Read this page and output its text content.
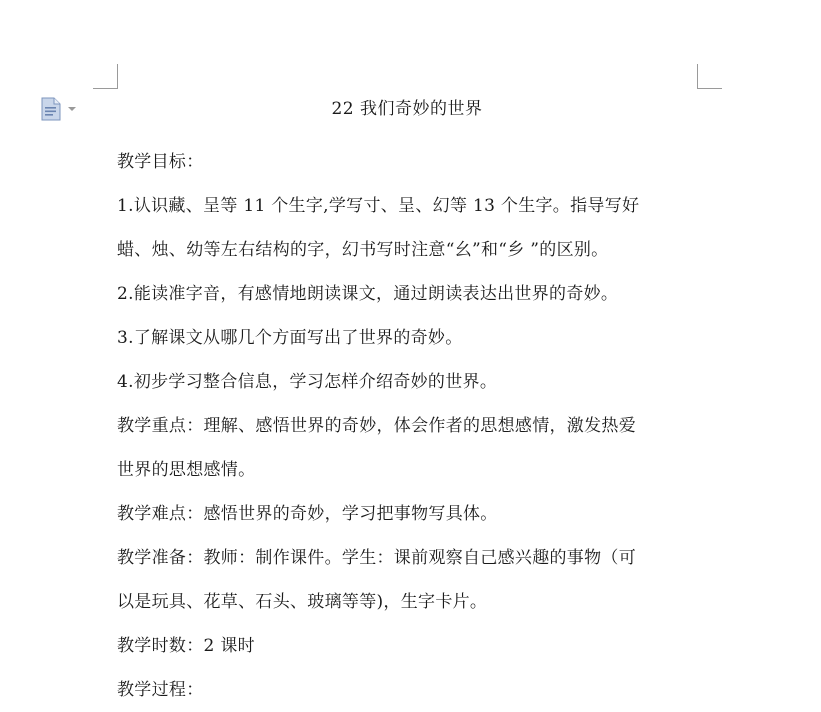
22 我们奇妙的世界
教学目标：
1.认识藏、呈等 11 个生字,学写寸、呈、幻等 13 个生字。指导写好
蜡、烛、幼等左右结构的字，幻书写时注意“幺”和“乡 ”的区别。
2.能读准字音，有感情地朗读课文，通过朗读表达出世界的奇妙。
3.了解课文从哪几个方面写出了世界的奇妙。
4.初步学习整合信息，学习怎样介绍奇妙的世界。
教学重点：理解、感悟世界的奇妙，体会作者的思想感情，激发热爱
世界的思想感情。
教学难点：感悟世界的奇妙，学习把事物写具体。
教学准备：教师：制作课件。学生：课前观察自己感兴趣的事物（可
以是玩具、花草、石头、玻璃等等)，生字卡片。
教学时数：2 课时
教学过程：
